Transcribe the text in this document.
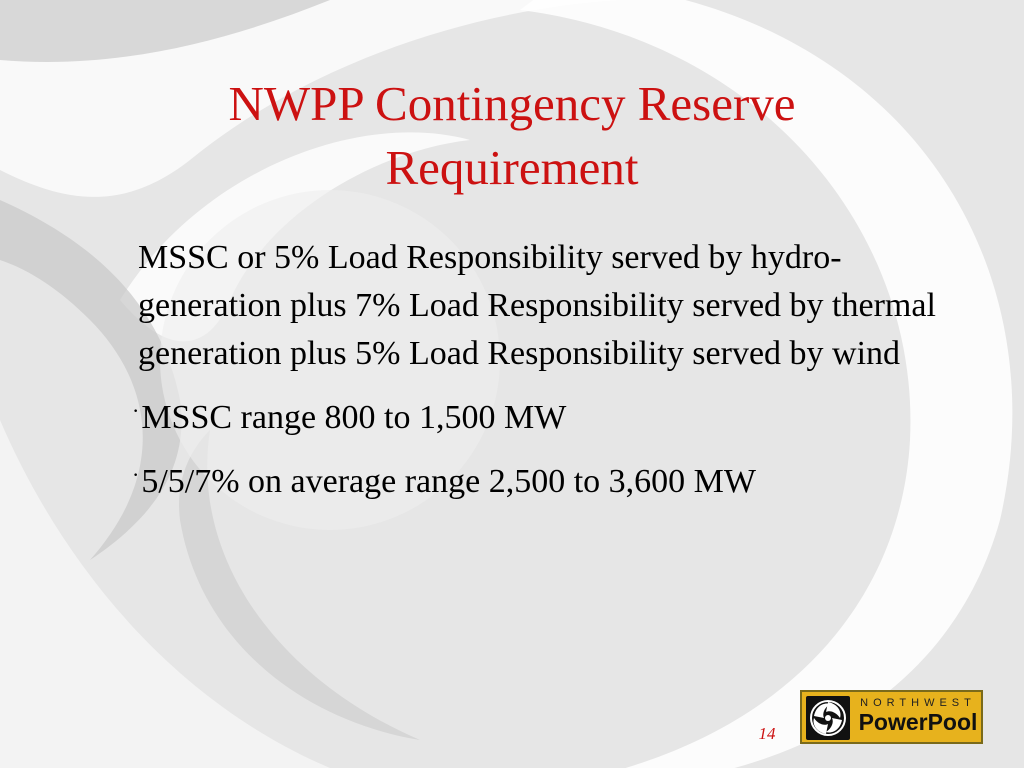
NWPP Contingency Reserve Requirement

MSSC or 5% Load Responsibility served by hydro-generation plus 7% Load Responsibility served by thermal generation plus 5% Load Responsibility served by wind

·MSSC range 800 to 1,500 MW

·5/5/7% on average range 2,500 to 3,600 MW

14
NORTHWEST
PowerPool
